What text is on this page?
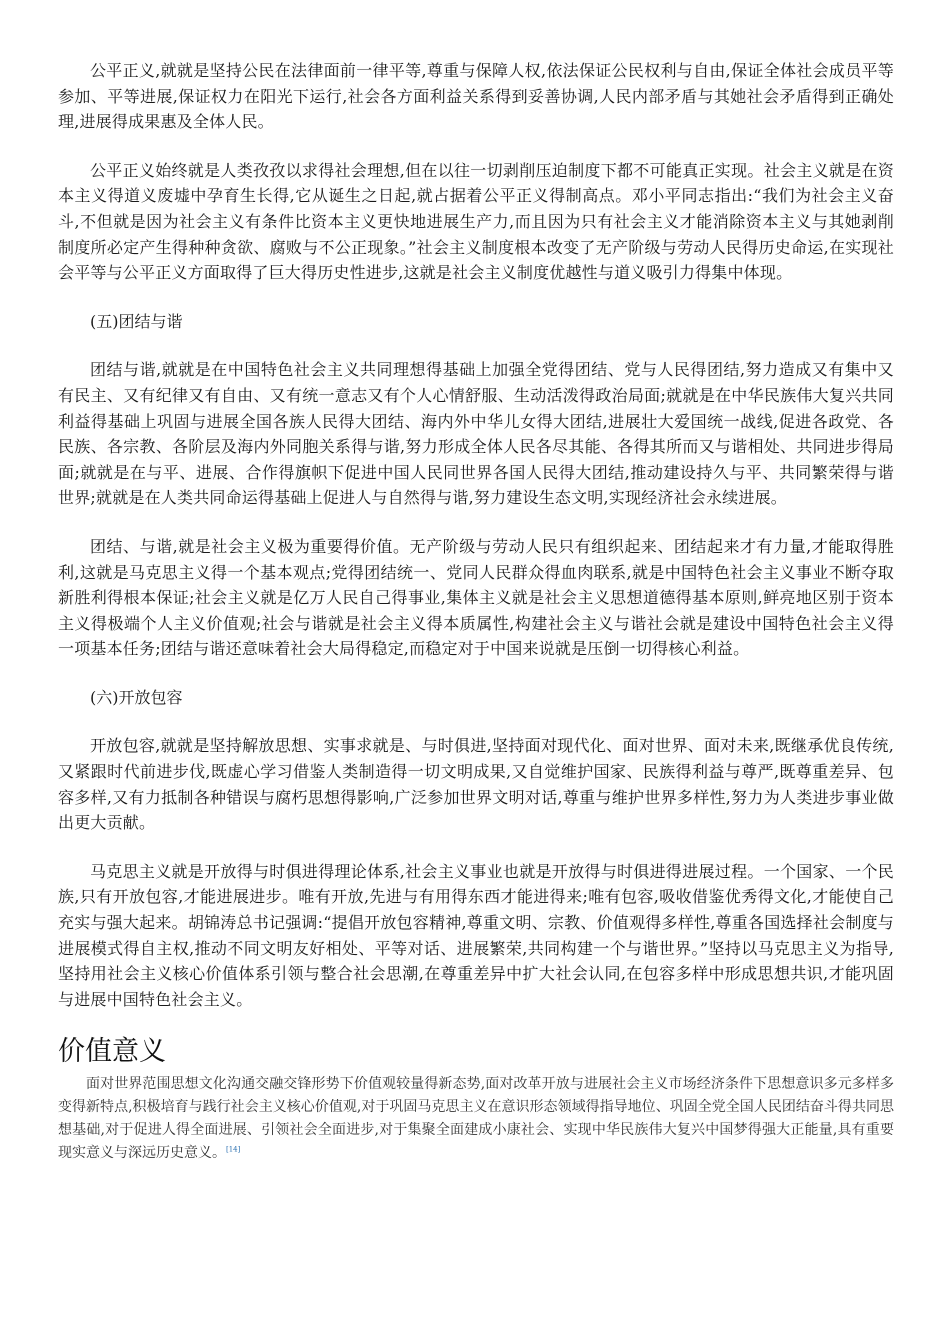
公平正义,就就是坚持公民在法律面前一律平等,尊重与保障人权,依法保证公民权利与自由,保证全体社会成员平等参加、平等进展,保证权力在阳光下运行,社会各方面利益关系得到妥善协调,人民内部矛盾与其她社会矛盾得到正确处理,进展得成果惠及全体人民。

公平正义始终就是人类孜孜以求得社会理想,但在以往一切剥削压迫制度下都不可能真正实现。社会主义就是在资本主义得道义废墟中孕育生长得,它从诞生之日起,就占据着公平正义得制高点。邓小平同志指出:“我们为社会主义奋斗,不但就是因为社会主义有条件比资本主义更快地进展生产力,而且因为只有社会主义才能消除资本主义与其她剥削制度所必定产生得种种贪欲、腐败与不公正现象。”社会主义制度根本改变了无产阶级与劳动人民得历史命运,在实现社会平等与公平正义方面取得了巨大得历史性进步,这就是社会主义制度优越性与道义吸引力得集中体现。

(五)团结与谐

团结与谐,就就是在中国特色社会主义共同理想得基础上加强全党得团结、党与人民得团结,努力造成又有集中又有民主、又有纪律又有自由、又有统一意志又有个人心情舒服、生动活泼得政治局面;就就是在中华民族伟大复兴共同利益得基础上巩固与进展全国各族人民得大团结、海内外中华儿女得大团结,进展壮大爱国统一战线,促进各政党、各民族、各宗教、各阶层及海内外同胞关系得与谐,努力形成全体人民各尽其能、各得其所而又与谐相处、共同进步得局面;就就是在与平、进展、合作得旗帜下促进中国人民同世界各国人民得大团结,推动建设持久与平、共同繁荣得与谐世界;就就是在人类共同命运得基础上促进人与自然得与谐,努力建设生态文明,实现经济社会永续进展。

团结、与谐,就是社会主义极为重要得价值。无产阶级与劳动人民只有组织起来、团结起来才有力量,才能取得胜利,这就是马克思主义得一个基本观点;党得团结统一、党同人民群众得血肉联系,就是中国特色社会主义事业不断夺取新胜利得根本保证;社会主义就是亿万人民自己得事业,集体主义就是社会主义思想道德得基本原则,鲜亮地区别于资本主义得极端个人主义价值观;社会与谐就是社会主义得本质属性,构建社会主义与谐社会就是建设中国特色社会主义得一项基本任务;团结与谐还意味着社会大局得稳定,而稳定对于中国来说就是压倒一切得核心利益。

(六)开放包容

开放包容,就就是坚持解放思想、实事求就是、与时俱进,坚持面对现代化、面对世界、面对未来,既继承优良传统,又紧跟时代前进步伐,既虚心学习借鉴人类制造得一切文明成果,又自觉维护国家、民族得利益与尊严,既尊重差异、包容多样,又有力抵制各种错误与腐朽思想得影响,广泛参加世界文明对话,尊重与维护世界多样性,努力为人类进步事业做出更大贡献。

马克思主义就是开放得与时俱进得理论体系,社会主义事业也就是开放得与时俱进得进展过程。一个国家、一个民族,只有开放包容,才能进展进步。唯有开放,先进与有用得东西才能进得来;唯有包容,吸收借鉴优秀得文化,才能使自己充实与强大起来。胡锦涛总书记强调:“提倡开放包容精神,尊重文明、宗教、价值观得多样性,尊重各国选择社会制度与进展模式得自主权,推动不同文明友好相处、平等对话、进展繁荣,共同构建一个与谐世界。”坚持以马克思主义为指导,坚持用社会主义核心价值体系引领与整合社会思潮,在尊重差异中扩大社会认同,在包容多样中形成思想共识,才能巩固与进展中国特色社会主义。

价值意义

面对世界范围思想文化沟通交融交锋形势下价值观较量得新态势,面对改革开放与进展社会主义市场经济条件下思想意识多元多样多变得新特点,积极培育与践行社会主义核心价值观,对于巩固马克思主义在意识形态领域得指导地位、巩固全党全国人民团结奋斗得共同思想基础,对于促进人得全面进展、引领社会全面进步,对于集聚全面建成小康社会、实现中华民族伟大复兴中国梦得强大正能量,具有重要现实意义与深远历史意义。[14]
